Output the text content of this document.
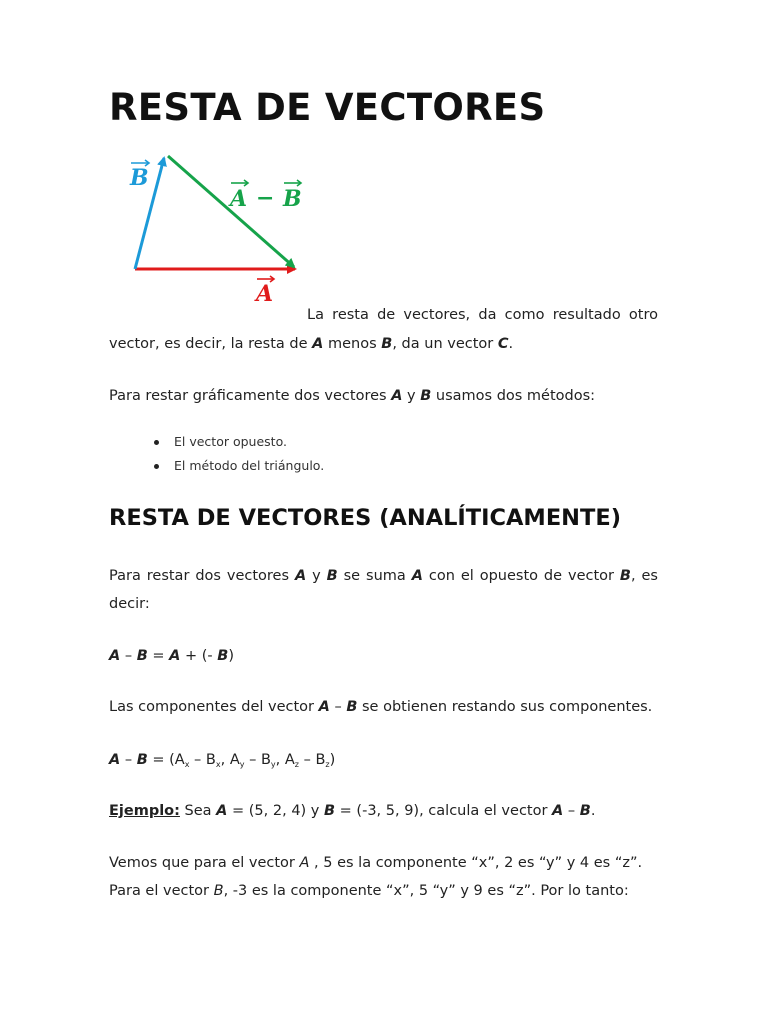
RESTA DE VECTORES
B
A − B
A

La resta de vectores, da como resultado otro

vector, es decir, la resta de A menos B, da un vector C.

Para restar gráficamente dos vectores A y B usamos dos métodos:

El vector opuesto.
El método del triángulo.
RESTA DE VECTORES (ANALÍTICAMENTE)

Para restar dos vectores A y B se suma A con el opuesto de vector B, es

decir:

A – B = A + (- B)

Las componentes del vector A – B se obtienen restando sus componentes.

$A - B = (A_x - B_x$, $A_y - B_y$, $A_z - B_z$)

Ejemplo: Sea A = (5, 2, 4) y B = (-3, 5, 9), calcula el vector A – B.

Vemos que para el vector A , 5 es la componente “x”, 2 es “y” y 4 es “z”.

Para el vector B, -3 es la componente “x”, 5 “y” y 9 es “z”. Por lo tanto:
